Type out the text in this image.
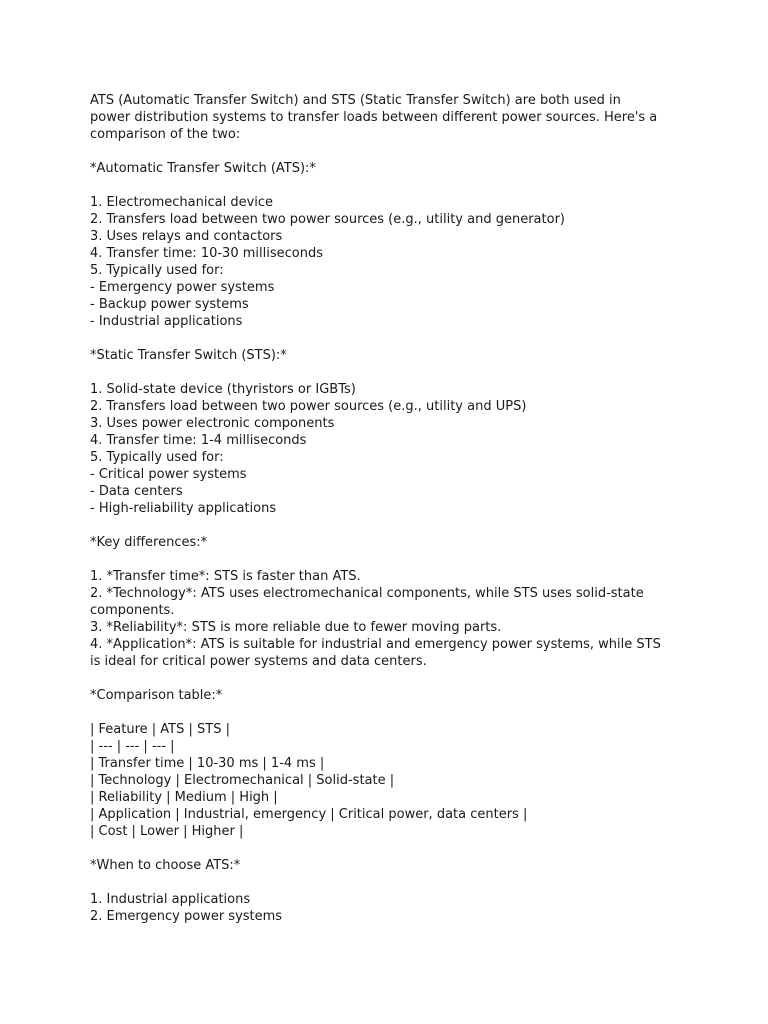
ATS (Automatic Transfer Switch) and STS (Static Transfer Switch) are both used in
power distribution systems to transfer loads between different power sources. Here's a
comparison of the two:
*Automatic Transfer Switch (ATS):*
1. Electromechanical device
2. Transfers load between two power sources (e.g., utility and generator)
3. Uses relays and contactors
4. Transfer time: 10-30 milliseconds
5. Typically used for:
- Emergency power systems
- Backup power systems
- Industrial applications
*Static Transfer Switch (STS):*
1. Solid-state device (thyristors or IGBTs)
2. Transfers load between two power sources (e.g., utility and UPS)
3. Uses power electronic components
4. Transfer time: 1-4 milliseconds
5. Typically used for:
- Critical power systems
- Data centers
- High-reliability applications
*Key differences:*
1. *Transfer time*: STS is faster than ATS.
2. *Technology*: ATS uses electromechanical components, while STS uses solid-state
components.
3. *Reliability*: STS is more reliable due to fewer moving parts.
4. *Application*: ATS is suitable for industrial and emergency power systems, while STS
is ideal for critical power systems and data centers.
*Comparison table:*
| Feature | ATS | STS |
| --- | --- | --- |
| Transfer time | 10-30 ms | 1-4 ms |
| Technology | Electromechanical | Solid-state |
| Reliability | Medium | High |
| Application | Industrial, emergency | Critical power, data centers |
| Cost | Lower | Higher |
*When to choose ATS:*
1. Industrial applications
2. Emergency power systems
